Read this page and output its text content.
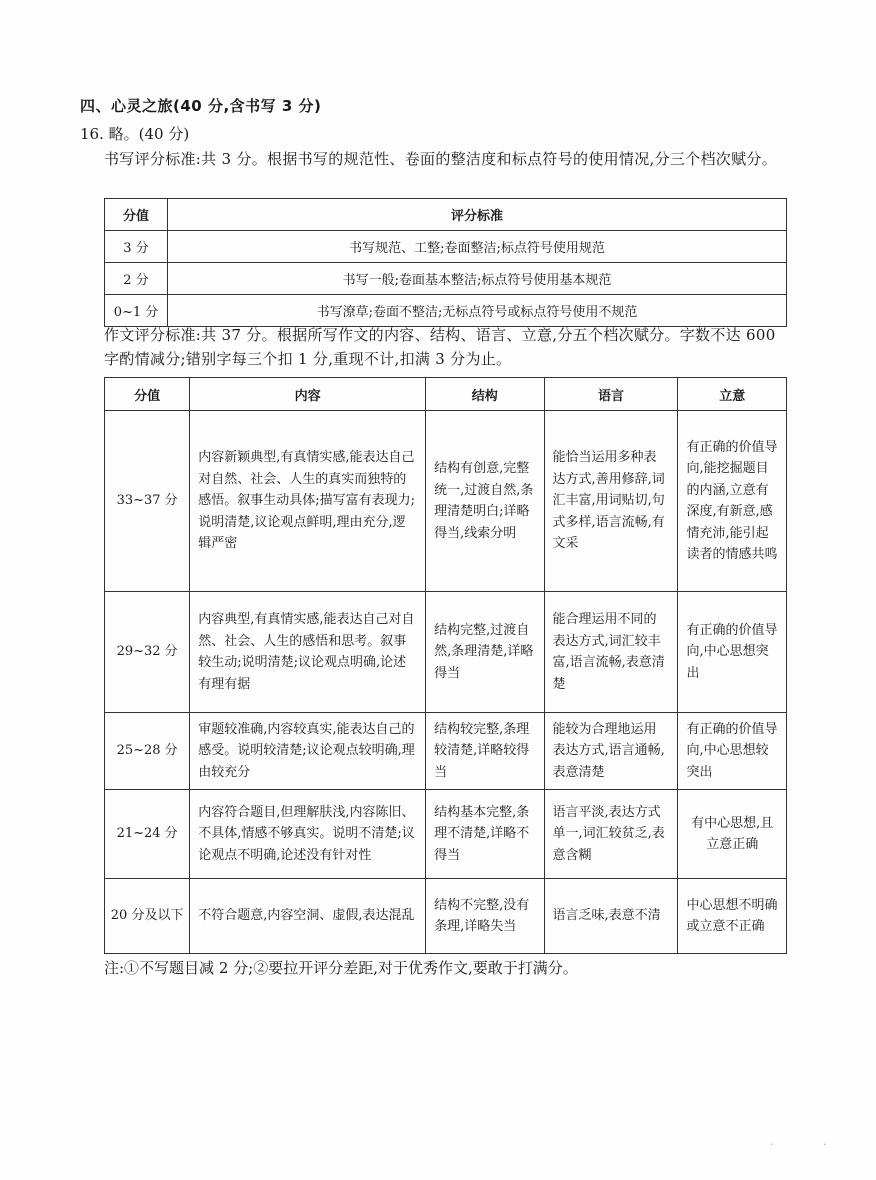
四、心灵之旅(40 分,含书写 3 分)
16. 略。(40 分)
书写评分标准:共 3 分。根据书写的规范性、卷面的整洁度和标点符号的使用情况,分三个档次赋分。
分值	评分标准
3 分	书写规范、工整;卷面整洁;标点符号使用规范
2 分	书写一般;卷面基本整洁;标点符号使用基本规范
0~1 分	书写潦草;卷面不整洁;无标点符号或标点符号使用不规范
作文评分标准:共 37 分。根据所写作文的内容、结构、语言、立意,分五个档次赋分。字数不达 600 字酌情减分;错别字每三个扣 1 分,重现不计,扣满 3 分为止。
分值	内容	结构	语言	立意
33~37 分	内容新颖典型,有真情实感,能表达自己对自然、社会、人生的真实而独特的感悟。叙事生动具体;描写富有表现力;说明清楚,议论观点鲜明,理由充分,逻辑严密	结构有创意,完整统一,过渡自然,条理清楚明白;详略得当,线索分明	能恰当运用多种表达方式,善用修辞,词汇丰富,用词贴切,句式多样,语言流畅,有文采	有正确的价值导向,能挖掘题目的内涵,立意有深度,有新意,感情充沛,能引起读者的情感共鸣
29~32 分	内容典型,有真情实感,能表达自己对自然、社会、人生的感悟和思考。叙事较生动;说明清楚;议论观点明确,论述有理有据	结构完整,过渡自然,条理清楚,详略得当	能合理运用不同的表达方式,词汇较丰富,语言流畅,表意清楚	有正确的价值导向,中心思想突出
25~28 分	审题较准确,内容较真实,能表达自己的感受。说明较清楚;议论观点较明确,理由较充分	结构较完整,条理较清楚,详略较得当	能较为合理地运用表达方式,语言通畅,表意清楚	有正确的价值导向,中心思想较突出
21~24 分	内容符合题目,但理解肤浅,内容陈旧、不具体,情感不够真实。说明不清楚;议论观点不明确,论述没有针对性	结构基本完整,条理不清楚,详略不得当	语言平淡,表达方式单一,词汇较贫乏,表意含糊	有中心思想,且立意正确
20 分及以下	不符合题意,内容空洞、虚假,表达混乱	结构不完整,没有条理,详略失当	语言乏味,表意不清	中心思想不明确或立意不正确
注:①不写题目减 2 分;②要拉开评分差距,对于优秀作文,要敢于打满分。
··
